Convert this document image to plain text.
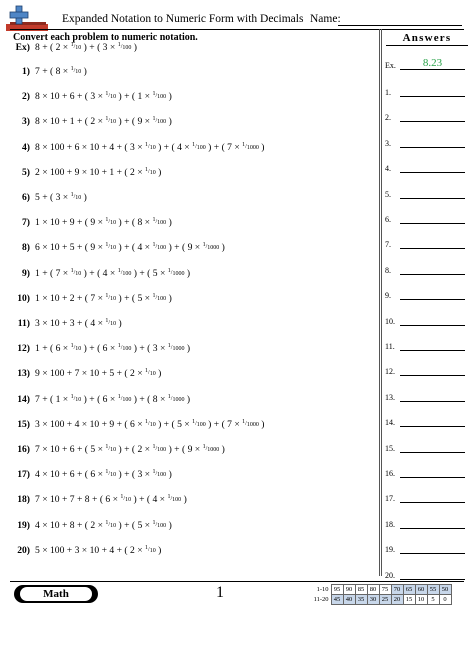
Expanded Notation to Numeric Form with Decimals Name:
Convert each problem to numeric notation.
Ex) 8 + ( 2 × $^{^1/_{10}}$ ) + ( 3 × $^{^1/_{100}}$ )
1) 7 + ( 8 × $^{^1/_{10}}$ )
2) 8 × 10 + 6 + ( 3 × $^{^1/_{10}}$ ) + ( 1 × $^{^1/_{100}}$ )
3) 8 × 10 + 1 + ( 2 × $^{^1/_{10}}$ ) + ( 9 × $^{^1/_{100}}$ )
4) 8 × 100 + 6 × 10 + 4 + ( 3 × $^{^1/_{10}}$ ) + ( 4 × $^{^1/_{100}}$ ) + ( 7 × $^{^1/_{1000}}$ )
5) 2 × 100 + 9 × 10 + 1 + ( 2 × $^{^1/_{10}}$ )
6) 5 + ( 3 × $^{^1/_{10}}$ )
7) 1 × 10 + 9 + ( 9 × $^{^1/_{10}}$ ) + ( 8 × $^{^1/_{100}}$ )
8) 6 × 10 + 5 + ( 9 × $^{^1/_{10}}$ ) + ( 4 × $^{^1/_{100}}$ ) + ( 9 × $^{^1/_{1000}}$ )
9) 1 + ( 7 × $^{^1/_{10}}$ ) + ( 4 × $^{^1/_{100}}$ ) + ( 5 × $^{^1/_{1000}}$ )
10) 1 × 10 + 2 + ( 7 × $^{^1/_{10}}$ ) + ( 5 × $^{^1/_{100}}$ )
11) 3 × 10 + 3 + ( 4 × $^{^1/_{10}}$ )
12) 1 + ( 6 × $^{^1/_{10}}$ ) + ( 6 × $^{^1/_{100}}$ ) + ( 3 × $^{^1/_{1000}}$ )
13) 9 × 100 + 7 × 10 + 5 + ( 2 × $^{^1/_{10}}$ )
14) 7 + ( 1 × $^{^1/_{10}}$ ) + ( 6 × $^{^1/_{100}}$ ) + ( 8 × $^{^1/_{1000}}$ )
15) 3 × 100 + 4 × 10 + 9 + ( 6 × $^{^1/_{10}}$ ) + ( 5 × $^{^1/_{100}}$ ) + ( 7 × $^{^1/_{1000}}$ )
16) 7 × 10 + 6 + ( 5 × $^{^1/_{10}}$ ) + ( 2 × $^{^1/_{100}}$ ) + ( 9 × $^{^1/_{1000}}$ )
17) 4 × 10 + 6 + ( 6 × $^{^1/_{10}}$ ) + ( 3 × $^{^1/_{100}}$ )
18) 7 × 10 + 7 + 8 + ( 6 × $^{^1/_{10}}$ ) + ( 4 × $^{^1/_{100}}$ )
19) 4 × 10 + 8 + ( 2 × $^{^1/_{10}}$ ) + ( 5 × $^{^1/_{100}}$ )
20) 5 × 100 + 3 × 10 + 4 + ( 2 × $^{^1/_{10}}$ )
Answers
Ex.	8.23
1.
2.
3.
4.
5.
6.
7.
8.
9.
10.
11.
12.
13.
14.
15.
16.
17.
18.
19.
20.
Math	1	1-10	95	90	85	80	75	70	65	60	55	50
11-20	45	40	35	30	25	20	15	10	5	0
